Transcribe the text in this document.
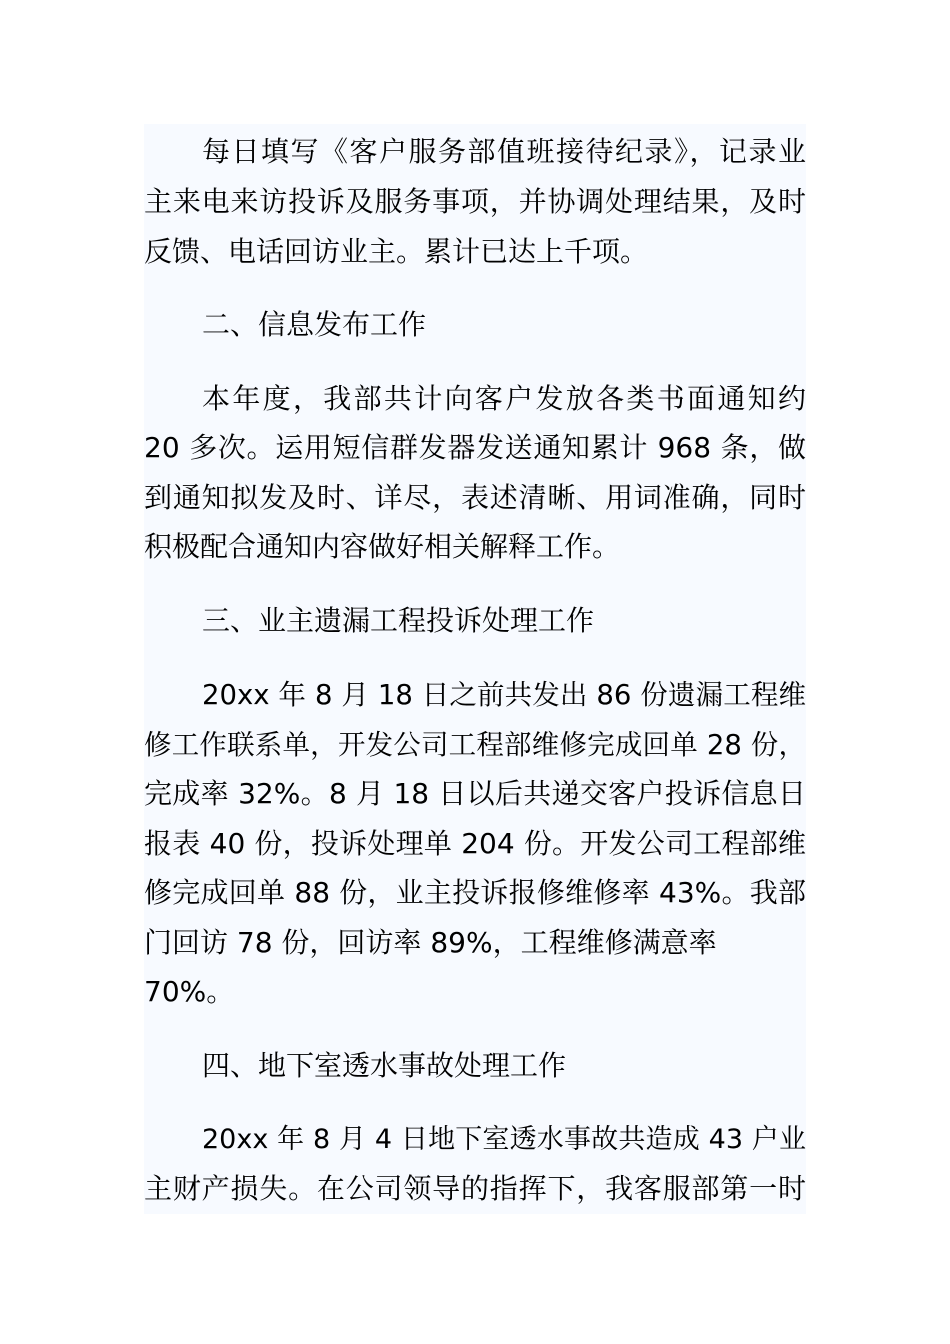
每日填写《客户服务部值班接待纪录》，记录业
主来电来访投诉及服务事项，并协调处理结果，及时
反馈、电话回访业主。累计已达上千项。
二、信息发布工作
本年度，我部共计向客户发放各类书面通知约
20 多次。运用短信群发器发送通知累计 968 条，做
到通知拟发及时、详尽，表述清晰、用词准确，同时
积极配合通知内容做好相关解释工作。
三、业主遗漏工程投诉处理工作
20xx 年 8 月 18 日之前共发出 86 份遗漏工程维
修工作联系单，开发公司工程部维修完成回单 28 份，
完成率 32%。8 月 18 日以后共递交客户投诉信息日
报表 40 份，投诉处理单 204 份。开发公司工程部维
修完成回单 88 份，业主投诉报修维修率 43%。我部
门回访 78 份，回访率 89%，工程维修满意率
70%。
四、地下室透水事故处理工作
20xx 年 8 月 4 日地下室透水事故共造成 43 户业
主财产损失。在公司领导的指挥下，我客服部第一时
